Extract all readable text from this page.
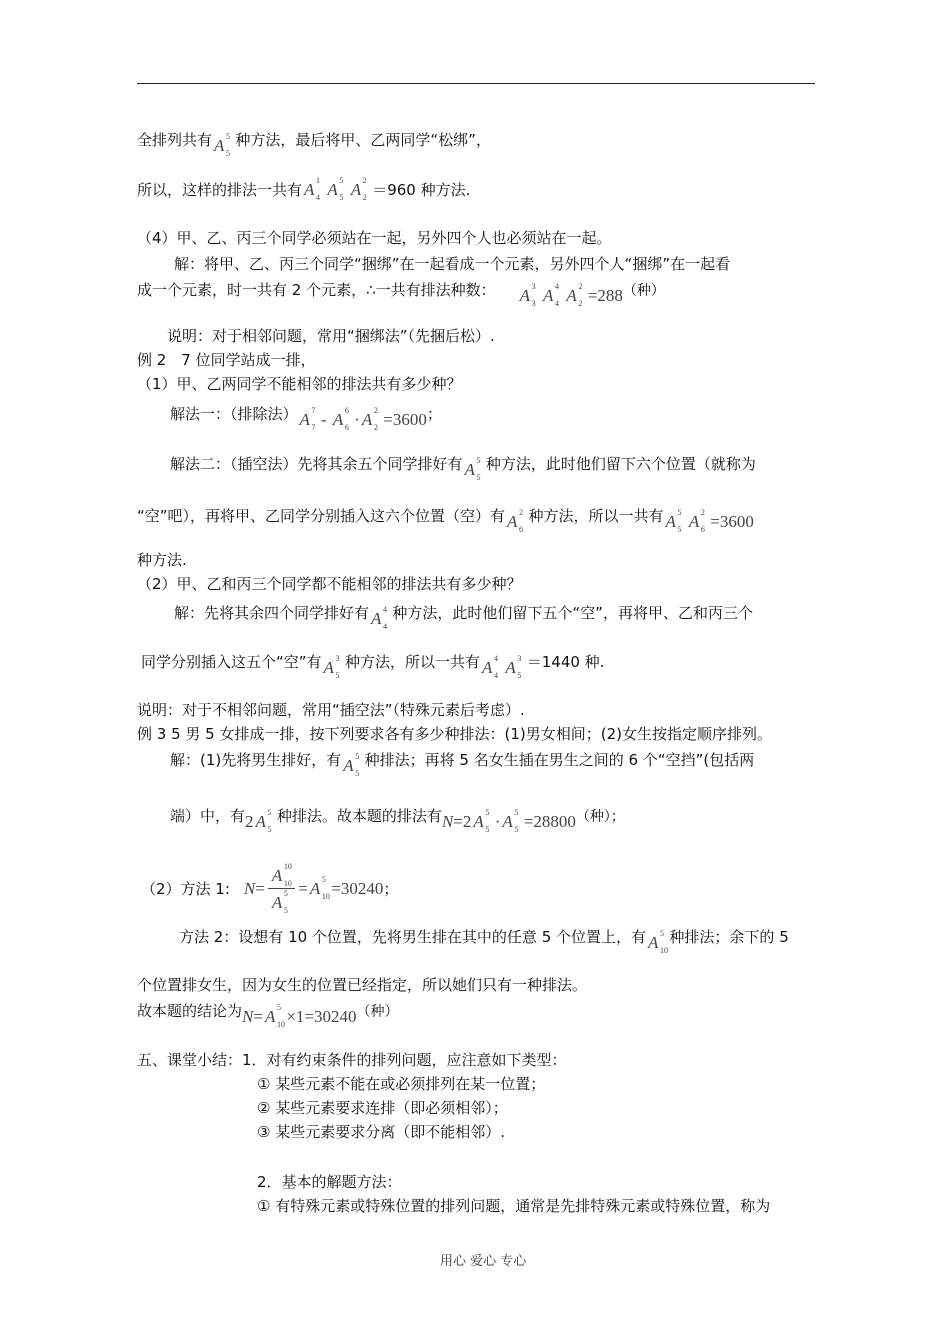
全排列共有 A 5
5
种方法，最后将甲、乙两同学“松绑”，
所以，这样的排法一共有 A 1
4 A 5
5 A 2
2 ＝960 种方法.
（4）甲、乙、丙三个同学必须站在一起，另外四个人也必须站在一起。
解：将甲、乙、丙三个同学“捆绑”在一起看成一个元素，另外四个人“捆绑”在一起看
成一个元素，时一共有 2 个元素，∴一共有排法种数： A 3
3 A 4
4 A 2
2 =288（种）
说明：对于相邻问题，常用“捆绑法”（先捆后松）.
例 2　7 位同学站成一排，
（1）甲、乙两同学不能相邻的排法共有多少种？
解法一：（排除法） A 7
7 - A 6
6 · A 2
2 =3600；
解法二：（插空法）先将其余五个同学排好有 A 5
5
种方法，此时他们留下六个位置（就称为
“空”吧），再将甲、乙同学分别插入这六个位置（空）有 A 2
6
种方法，所以一共有 A 5
5 A 2
6 =3600
种方法.
（2）甲、乙和丙三个同学都不能相邻的排法共有多少种？
解：先将其余四个同学排好有 A 4
4
种方法，此时他们留下五个“空”，再将甲、乙和丙三个
同学分别插入这五个“空”有 A 3
5
种方法，所以一共有 A 4
4 A 3
5
＝1440 种.
说明：对于不相邻问题，常用“插空法”（特殊元素后考虑）.
例 3 5 男 5 女排成一排，按下列要求各有多少种排法：(1)男女相间；(2)女生按指定顺序排列。
解：(1)先将男生排好，有 A 5
5
种排法；再将 5 名女生插在男生之间的 6 个“空挡”(包括两
端）中，有2 A 5
5
种排法。故本题的排法有N=2 A 5
5 · A 5
5 =28800（种）；
（2）方法 1: N= A 10
10
A 5
5 = A 5
10 =30240；
方法 2：设想有 10 个位置，先将男生排在其中的任意 5 个位置上，有 A 5
10
种排法；余下的 5
个位置排女生，因为女生的位置已经指定，所以她们只有一种排法。
故本题的结论为N= A 5
10 ×1=30240（种）
五、课堂小结：1．对有约束条件的排列问题，应注意如下类型：
① 某些元素不能在或必须排列在某一位置；
② 某些元素要求连排（即必须相邻）；
③ 某些元素要求分离（即不能相邻）.
2．基本的解题方法：
① 有特殊元素或特殊位置的排列问题，通常是先排特殊元素或特殊位置，称为
用心 爱心 专心
